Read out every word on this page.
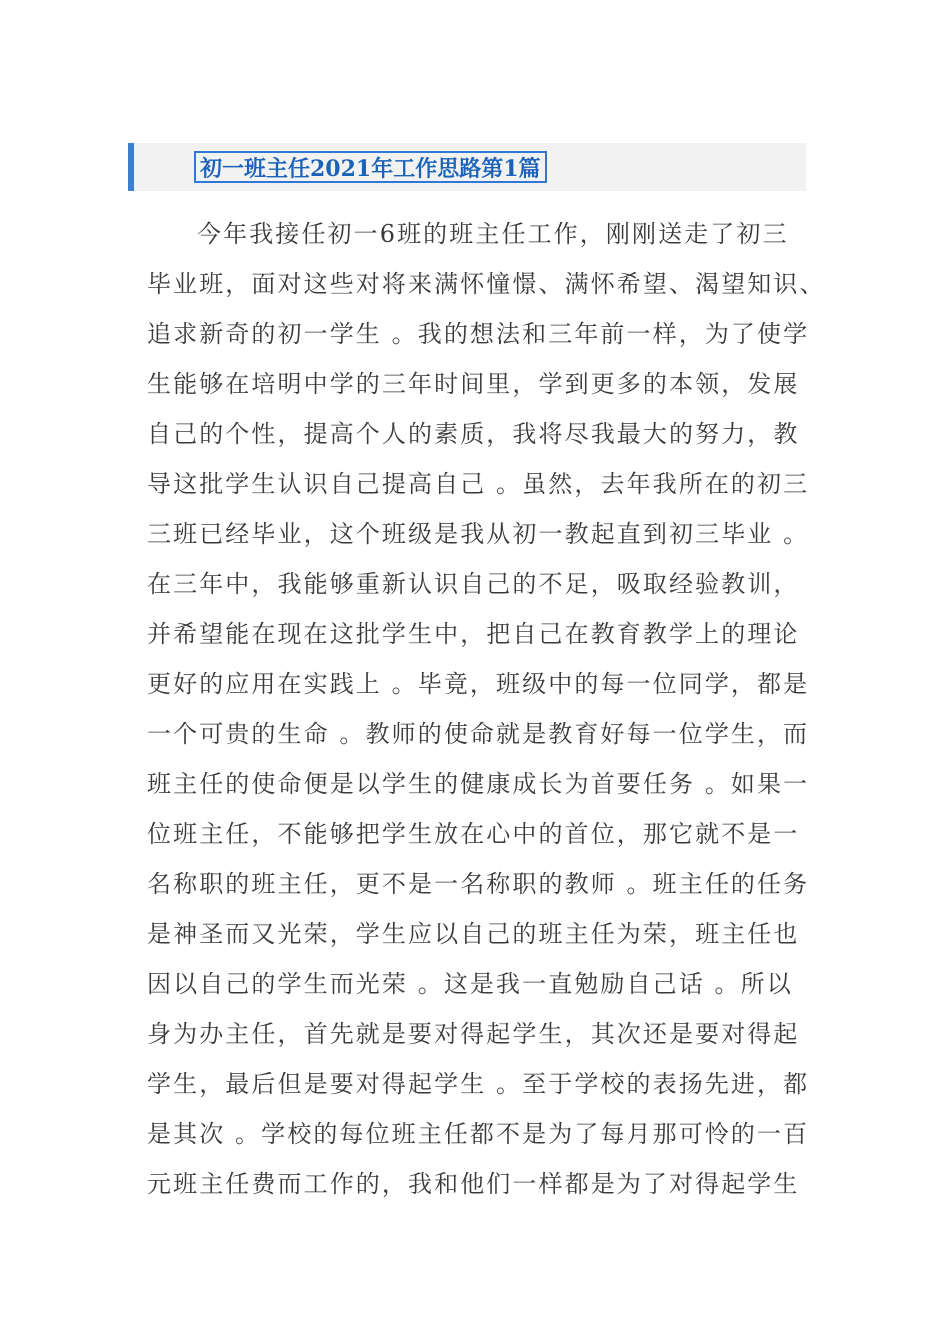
初一班主任2021年工作思路第1篇
今年我接任初一6班的班主任工作，刚刚送走了初三
毕业班，面对这些对将来满怀憧憬、满怀希望、渴望知识、
追求新奇的初一学生 。我的想法和三年前一样，为了使学
生能够在培明中学的三年时间里，学到更多的本领，发展
自己的个性，提高个人的素质，我将尽我最大的努力，教
导这批学生认识自己提高自己 。虽然，去年我所在的初三
三班已经毕业，这个班级是我从初一教起直到初三毕业 。
在三年中，我能够重新认识自己的不足，吸取经验教训，
并希望能在现在这批学生中，把自己在教育教学上的理论
更好的应用在实践上 。毕竟，班级中的每一位同学，都是
一个可贵的生命 。教师的使命就是教育好每一位学生，而
班主任的使命便是以学生的健康成长为首要任务 。如果一
位班主任，不能够把学生放在心中的首位，那它就不是一
名称职的班主任，更不是一名称职的教师 。班主任的任务
是神圣而又光荣，学生应以自己的班主任为荣，班主任也
因以自己的学生而光荣 。这是我一直勉励自己话 。所以
身为办主任，首先就是要对得起学生，其次还是要对得起
学生，最后但是要对得起学生 。至于学校的表扬先进，都
是其次 。学校的每位班主任都不是为了每月那可怜的一百
元班主任费而工作的，我和他们一样都是为了对得起学生
